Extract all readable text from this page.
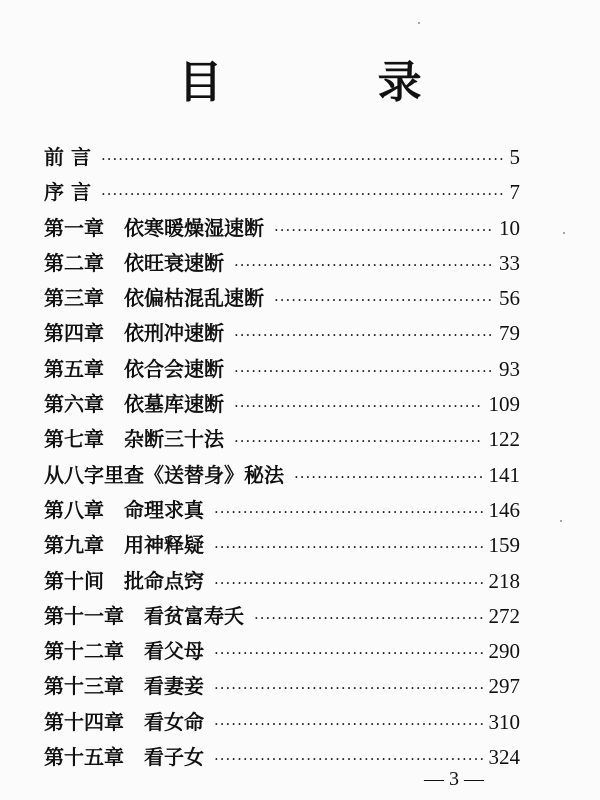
目 录
前 言 ·····	5
序 言 ·····	7
第一章　依寒暖燥湿速断 ·····	10
第二章　依旺衰速断 ·····	33
第三章　依偏枯混乱速断 ·····	56
第四章　依刑冲速断 ·····	79
第五章　依合会速断 ·····	93
第六章　依墓库速断 ·····	109
第七章　杂断三十法 ·····	122
从八字里查《送替身》秘法 ·····	141
第八章　命理求真 ·····	146
第九章　用神释疑 ·····	159
第十间　批命点窍 ·····	218
第十一章　看贫富寿夭 ·····	272
第十二章　看父母 ·····	290
第十三章　看妻妾 ·····	297
第十四章　看女命 ·····	310
第十五章　看子女 ·····	324
— 3 —
